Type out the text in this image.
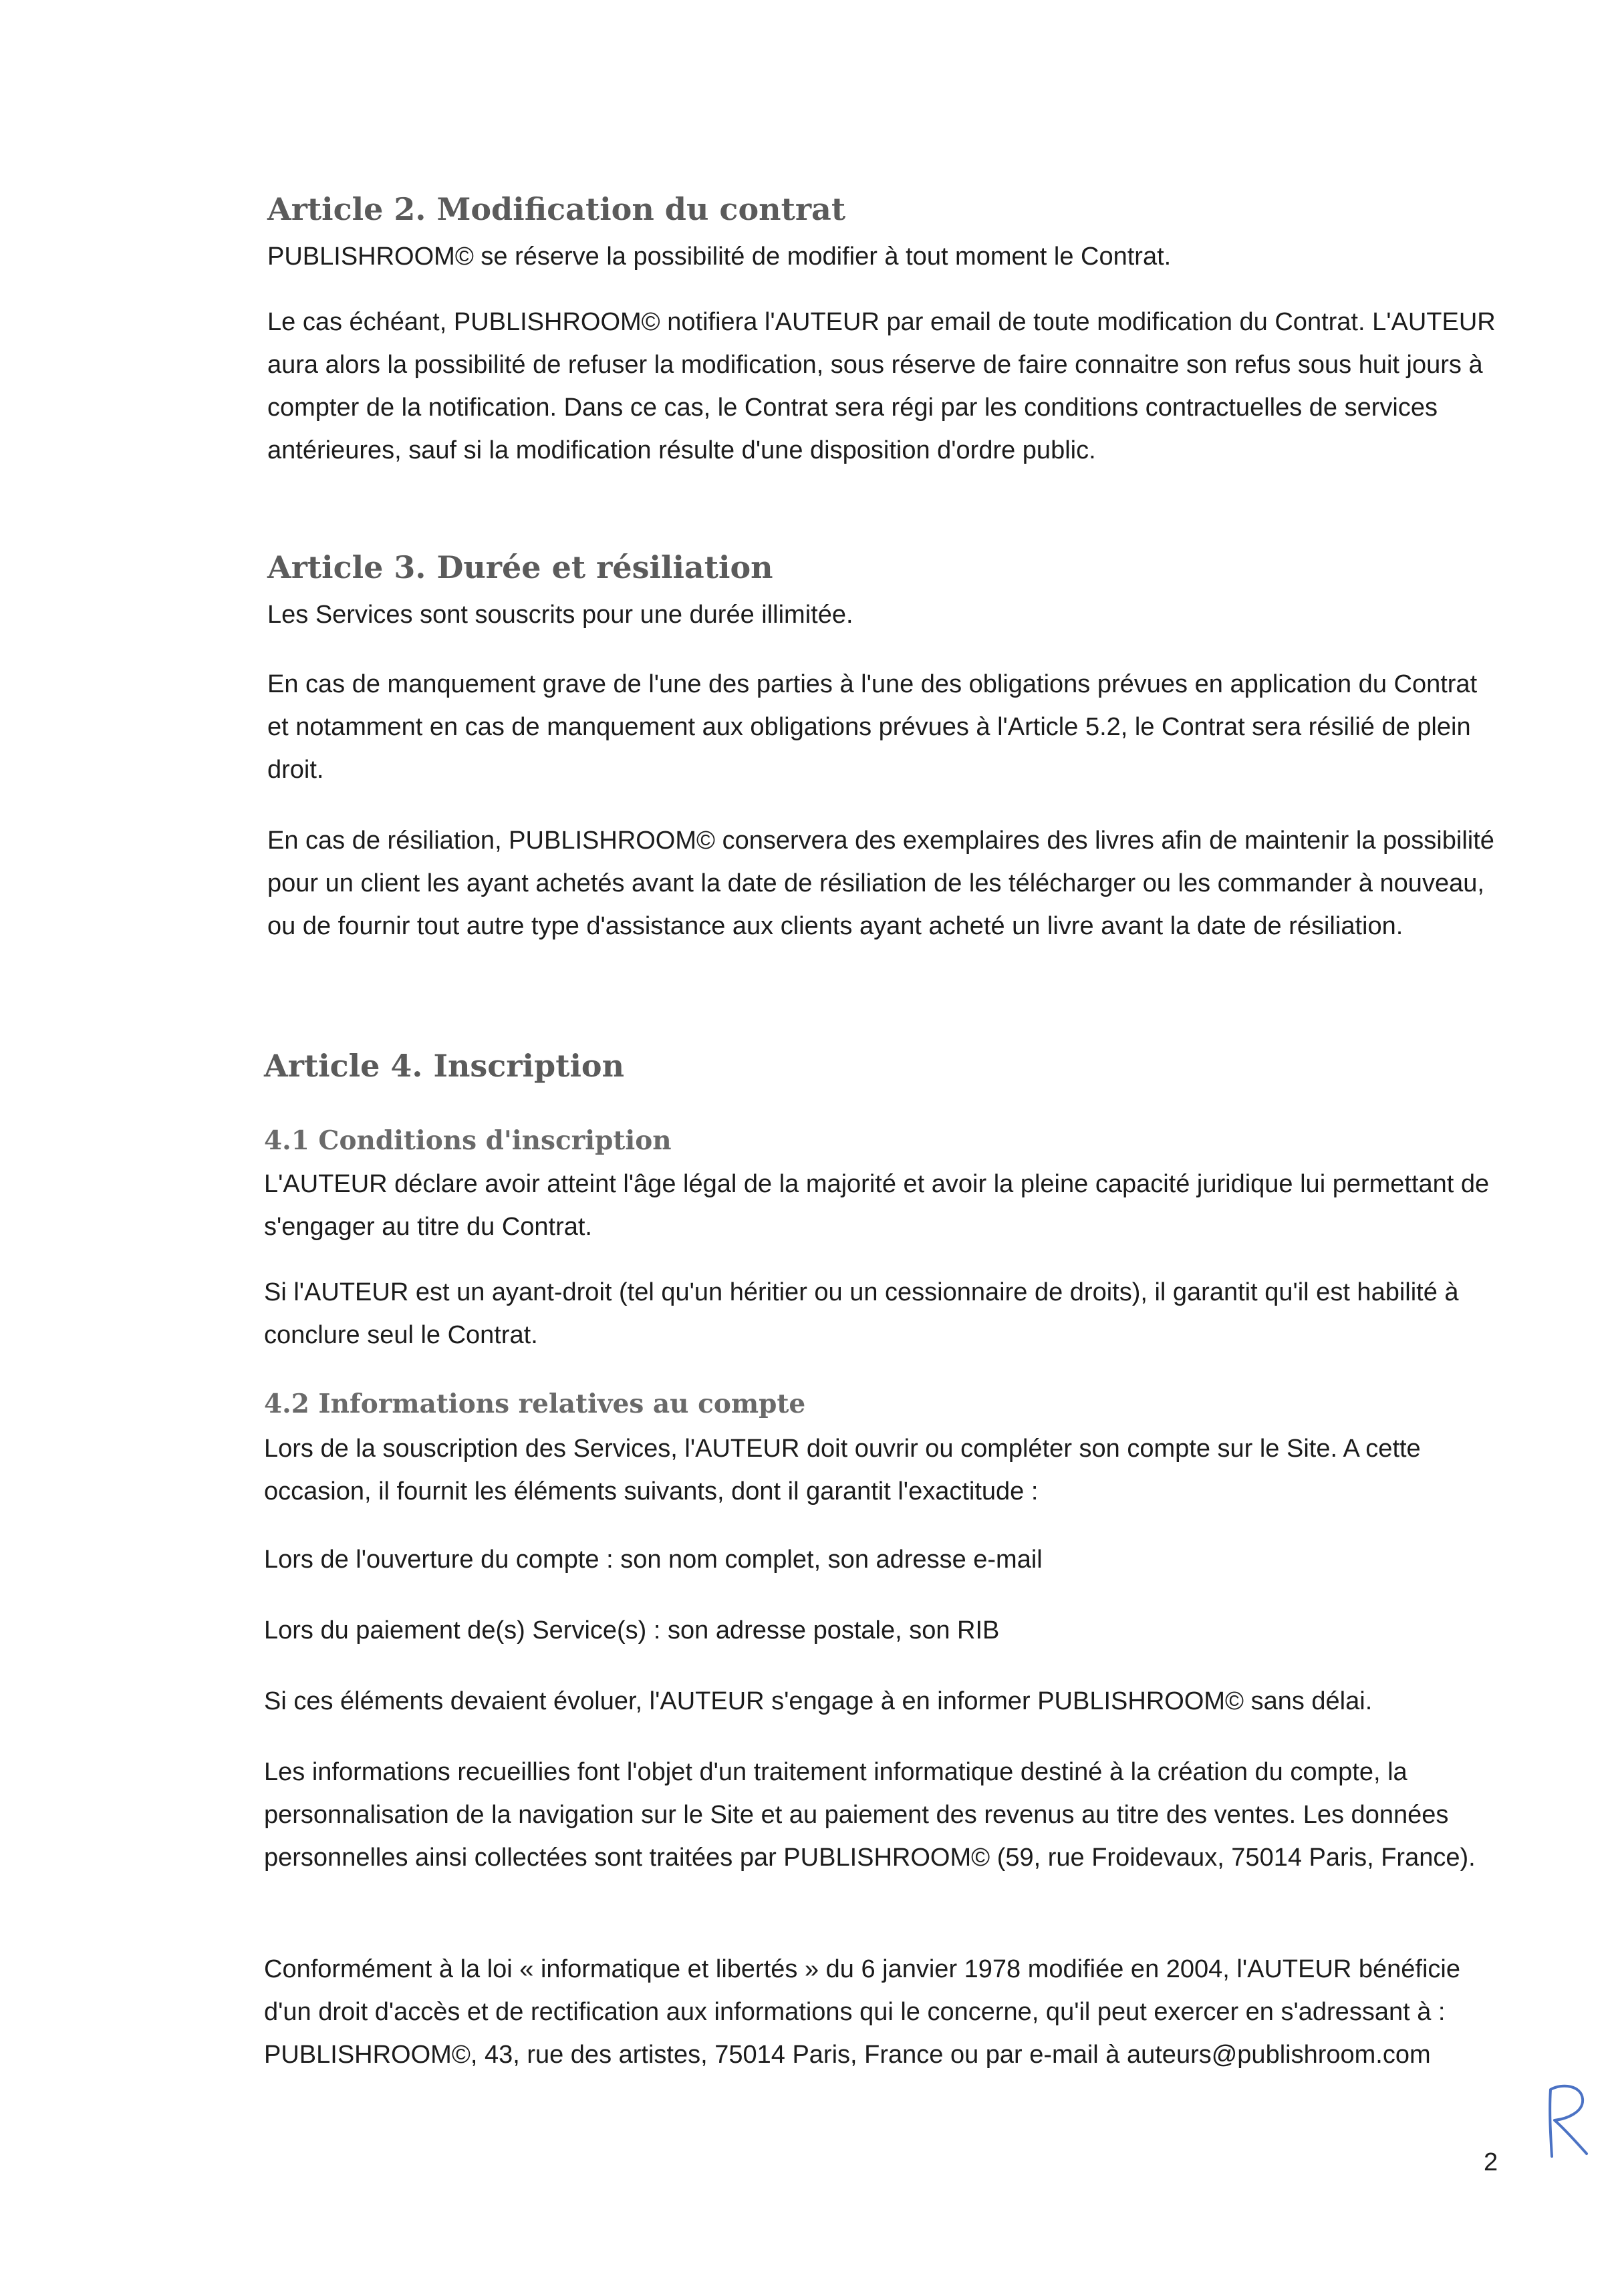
Article 2. Modification du contrat

PUBLISHROOM© se réserve la possibilité de modifier à tout moment le Contrat.

Le cas échéant, PUBLISHROOM© notifiera l'AUTEUR par email de toute modification du Contrat. L'AUTEUR aura alors la possibilité de refuser la modification, sous réserve de faire connaitre son refus sous huit jours à compter de la notification. Dans ce cas, le Contrat sera régi par les conditions contractuelles de services antérieures, sauf si la modification résulte d'une disposition d'ordre public.

Article 3. Durée et résiliation

Les Services sont souscrits pour une durée illimitée.

En cas de manquement grave de l'une des parties à l'une des obligations prévues en application du Contrat et notamment en cas de manquement aux obligations prévues à l'Article 5.2, le Contrat sera résilié de plein droit.

En cas de résiliation, PUBLISHROOM© conservera des exemplaires des livres afin de maintenir la possibilité pour un client les ayant achetés avant la date de résiliation de les télécharger ou les commander à nouveau, ou de fournir tout autre type d'assistance aux clients ayant acheté un livre avant la date de résiliation.

Article 4. Inscription
4.1 Conditions d'inscription

L'AUTEUR déclare avoir atteint l'âge légal de la majorité et avoir la pleine capacité juridique lui permettant de s'engager au titre du Contrat.

Si l'AUTEUR est un ayant-droit (tel qu'un héritier ou un cessionnaire de droits), il garantit qu'il est habilité à conclure seul le Contrat.

4.2 Informations relatives au compte

Lors de la souscription des Services, l'AUTEUR doit ouvrir ou compléter son compte sur le Site. A cette occasion, il fournit les éléments suivants, dont il garantit l'exactitude :

Lors de l'ouverture du compte : son nom complet, son adresse e-mail

Lors du paiement de(s) Service(s) : son adresse postale, son RIB

Si ces éléments devaient évoluer, l'AUTEUR s'engage à en informer PUBLISHROOM© sans délai.

Les informations recueillies font l'objet d'un traitement informatique destiné à la création du compte, la personnalisation de la navigation sur le Site et au paiement des revenus au titre des ventes. Les données personnelles ainsi collectées sont traitées par PUBLISHROOM© (59, rue Froidevaux, 75014 Paris, France).

Conformément à la loi « informatique et libertés » du 6 janvier 1978 modifiée en 2004, l'AUTEUR bénéficie d'un droit d'accès et de rectification aux informations qui le concerne, qu'il peut exercer en s'adressant à : PUBLISHROOM©, 43, rue des artistes, 75014 Paris, France ou par e-mail à auteurs@publishroom.com

2
